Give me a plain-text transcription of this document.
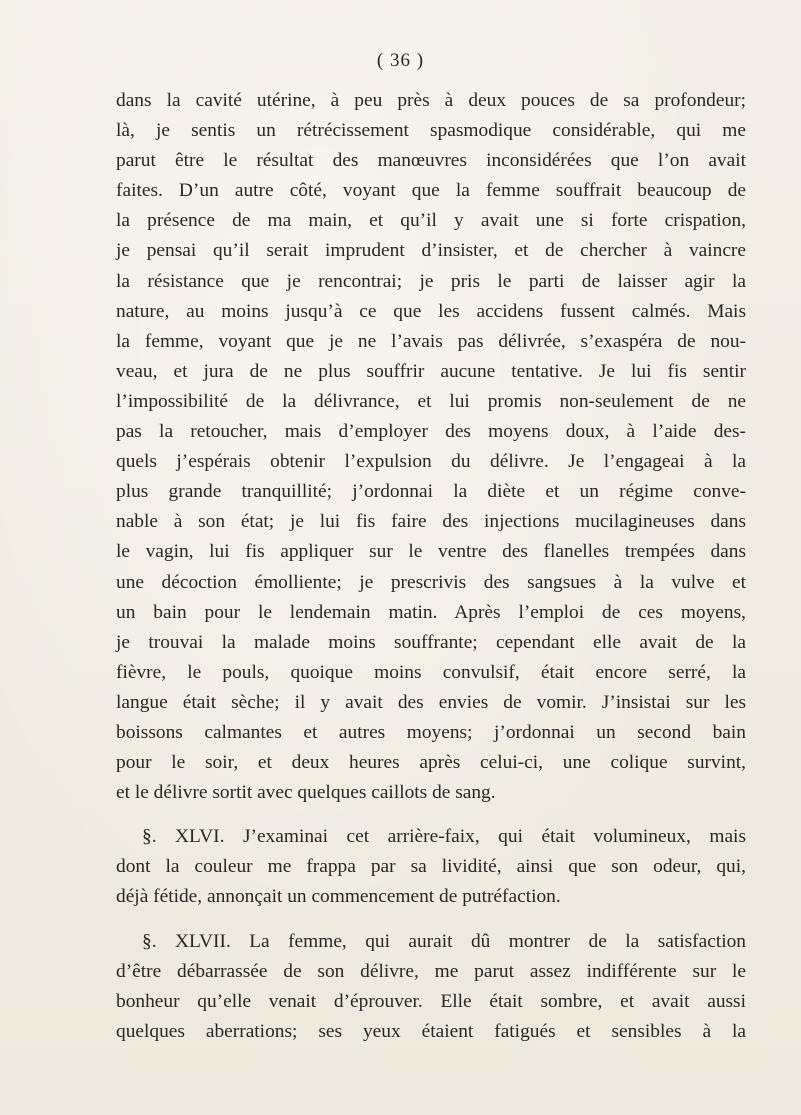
( 36 )
dans la cavité utérine, à peu près à deux pouces de sa profondeur;
là, je sentis un rétrécissement spasmodique considérable, qui me
parut être le résultat des manœuvres inconsidérées que l’on avait
faites. D’un autre côté, voyant que la femme souffrait beaucoup de
la présence de ma main, et qu’il y avait une si forte crispation,
je pensai qu’il serait imprudent d’insister, et de chercher à vaincre
la résistance que je rencontrai; je pris le parti de laisser agir la
nature, au moins jusqu’à ce que les accidens fussent calmés. Mais
la femme, voyant que je ne l’avais pas délivrée, s’exaspéra de nou-
veau, et jura de ne plus souffrir aucune tentative. Je lui fis sentir
l’impossibilité de la délivrance, et lui promis non-seulement de ne
pas la retoucher, mais d’employer des moyens doux, à l’aide des-
quels j’espérais obtenir l’expulsion du délivre. Je l’engageai à la
plus grande tranquillité; j’ordonnai la diète et un régime conve-
nable à son état; je lui fis faire des injections mucilagineuses dans
le vagin, lui fis appliquer sur le ventre des flanelles trempées dans
une décoction émolliente; je prescrivis des sangsues à la vulve et
un bain pour le lendemain matin. Après l’emploi de ces moyens,
je trouvai la malade moins souffrante; cependant elle avait de la
fièvre, le pouls, quoique moins convulsif, était encore serré, la
langue était sèche; il y avait des envies de vomir. J’insistai sur les
boissons calmantes et autres moyens; j’ordonnai un second bain
pour le soir, et deux heures après celui-ci, une colique survint,
et le délivre sortit avec quelques caillots de sang.
§. XLVI. J’examinai cet arrière-faix, qui était volumineux, mais
dont la couleur me frappa par sa lividité, ainsi que son odeur, qui,
déjà fétide, annonçait un commencement de putréfaction.
§. XLVII. La femme, qui aurait dû montrer de la satisfaction
d’être débarrassée de son délivre, me parut assez indifférente sur le
bonheur qu’elle venait d’éprouver. Elle était sombre, et avait aussi
quelques aberrations; ses yeux étaient fatigués et sensibles à la
